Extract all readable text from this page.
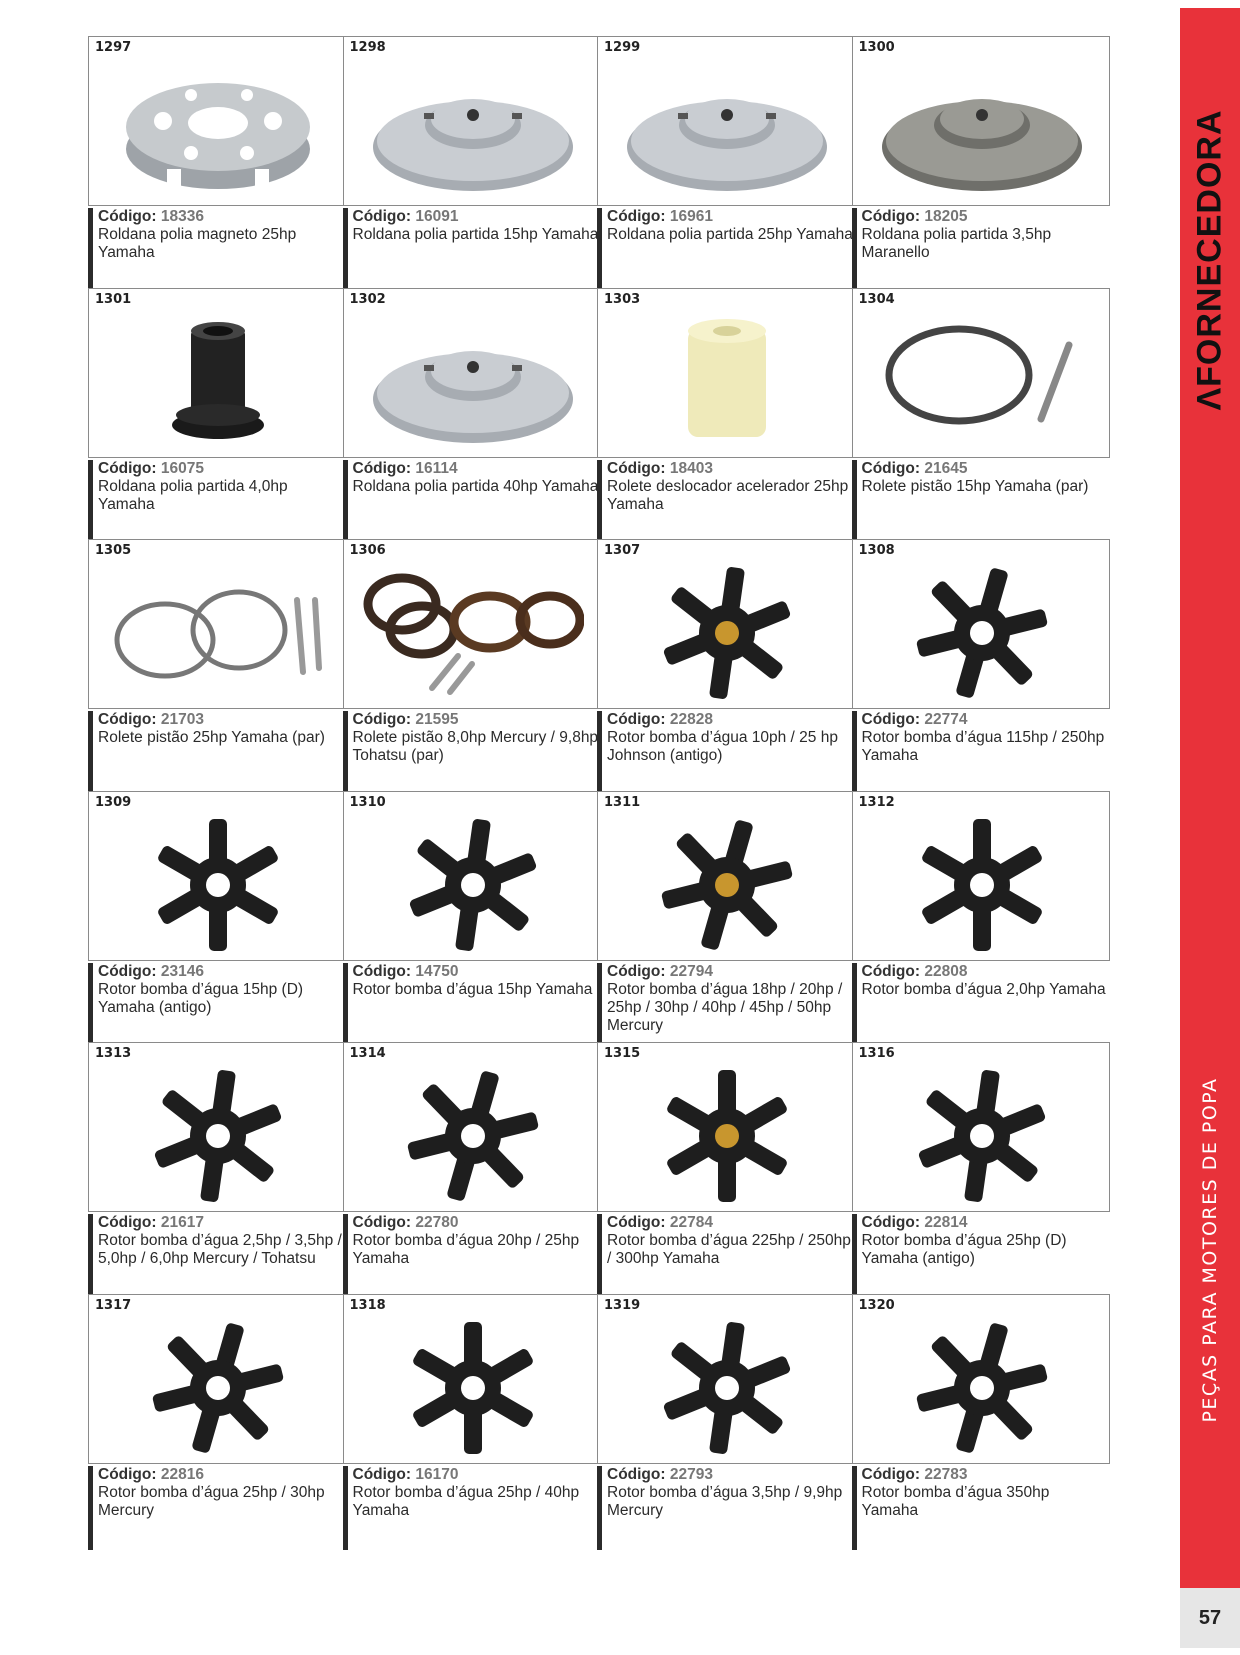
1297
Código: 18336
Roldana polia magneto 25hp Yamaha
1298
Código: 16091
Roldana polia partida 15hp Yamaha
1299
Código: 16961
Roldana polia partida 25hp Yamaha
1300
Código: 18205
Roldana polia partida 3,5hp Maranello
1301
Código: 16075
Roldana polia partida 4,0hp Yamaha
1302
Código: 16114
Roldana polia partida 40hp Yamaha
1303
Código: 18403
Rolete deslocador acelerador 25hp Yamaha
1304
Código: 21645
Rolete pistão 15hp Yamaha (par)
1305
Código: 21703
Rolete pistão 25hp Yamaha (par)
1306
Código: 21595
Rolete pistão 8,0hp Mercury / 9,8hp Tohatsu (par)
1307
Código: 22828
Rotor bomba d’água 10ph / 25 hp Johnson (antigo)
1308
Código: 22774
Rotor bomba d’água 115hp / 250hp Yamaha
1309
Código: 23146
Rotor bomba d’água 15hp (D) Yamaha (antigo)
1310
Código: 14750
Rotor bomba d’água 15hp Yamaha
1311
Código: 22794
Rotor bomba d’água 18hp / 20hp / 25hp / 30hp / 40hp / 45hp / 50hp Mercury
1312
Código: 22808
Rotor bomba d’água 2,0hp Yamaha
1313
Código: 21617
Rotor bomba d’água 2,5hp / 3,5hp / 5,0hp / 6,0hp Mercury / Tohatsu
1314
Código: 22780
Rotor bomba d’água 20hp / 25hp Yamaha
1315
Código: 22784
Rotor bomba d’água 225hp / 250hp / 300hp Yamaha
1316
Código: 22814
Rotor bomba d’água 25hp (D) Yamaha (antigo)
1317
Código: 22816
Rotor bomba d’água 25hp / 30hp Mercury
1318
Código: 16170
Rotor bomba d’água 25hp / 40hp Yamaha
1319
Código: 22793
Rotor bomba d’água 3,5hp / 9,9hp Mercury
1320
Código: 22783
Rotor bomba d’água 350hp Yamaha
ΛFORNECEDORA
PEÇAS PARA MOTORES DE POPA
57
